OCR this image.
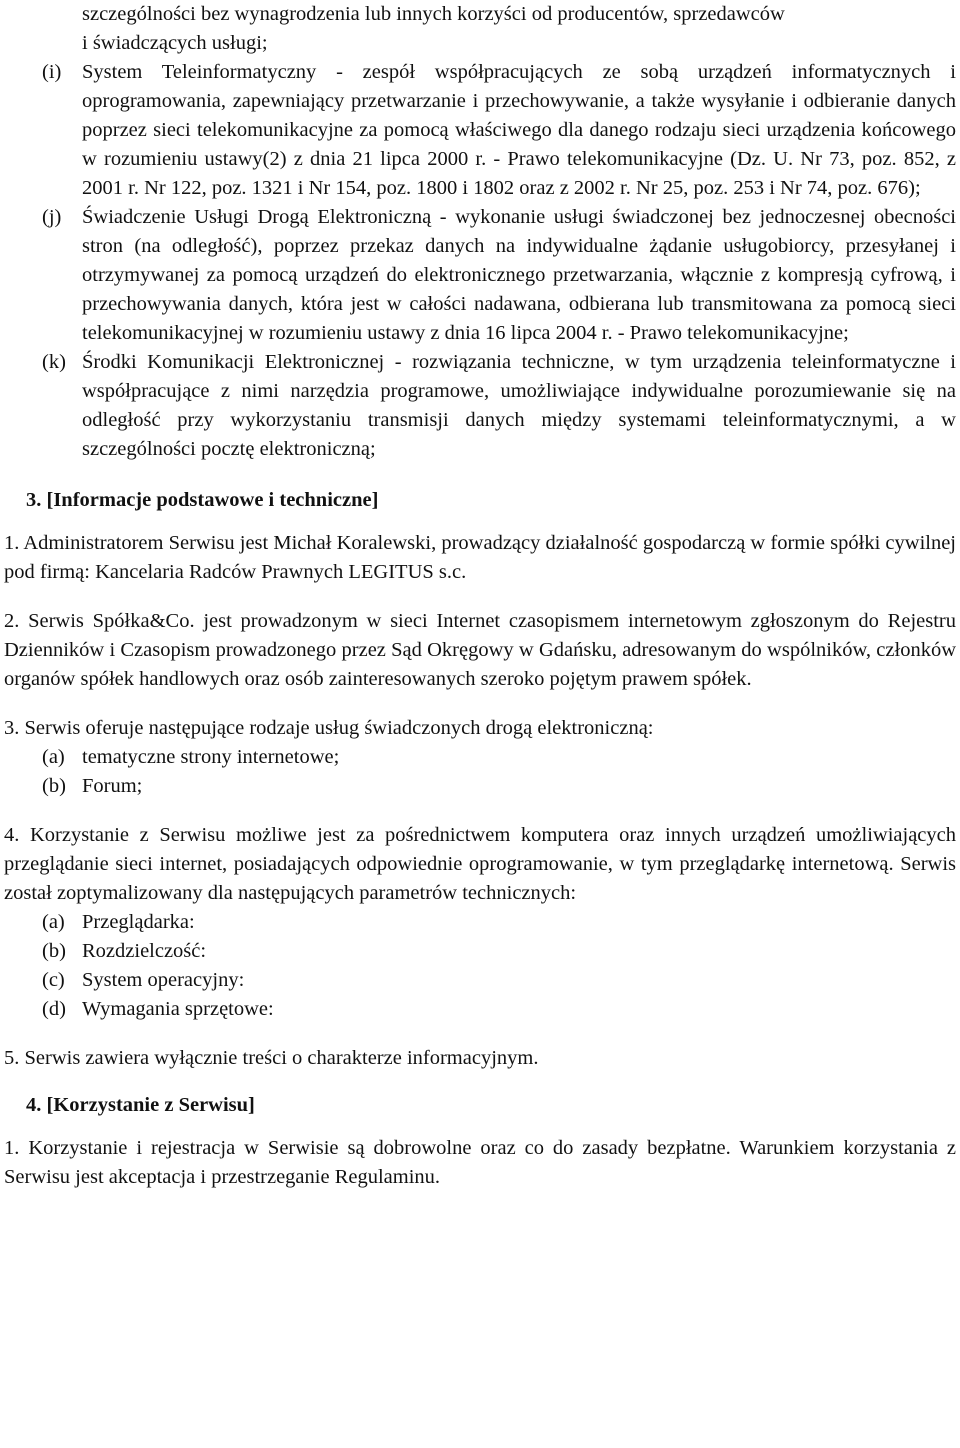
szczególności bez wynagrodzenia lub innych korzyści od producentów, sprzedawców

i świadczących usługi;

(i)	System Teleinformatyczny - zespół współpracujących ze sobą urządzeń informatycznych i oprogramowania, zapewniający przetwarzanie i przechowywanie, a także wysyłanie i odbieranie danych poprzez sieci telekomunikacyjne za pomocą właściwego dla danego rodzaju sieci urządzenia końcowego w rozumieniu ustawy(2) z dnia 21 lipca 2000 r. - Prawo telekomunikacyjne (Dz. U. Nr 73, poz. 852, z 2001 r. Nr 122, poz. 1321 i Nr 154, poz. 1800 i 1802 oraz z 2002 r. Nr 25, poz. 253 i Nr 74, poz. 676);
(j)	Świadczenie Usługi Drogą Elektroniczną - wykonanie usługi świadczonej bez jednoczesnej obecności stron (na odległość), poprzez przekaz danych na indywidualne żądanie usługobiorcy, przesyłanej i otrzymywanej za pomocą urządzeń do elektronicznego przetwarzania, włącznie z kompresją cyfrową, i przechowywania danych, która jest w całości nadawana, odbierana lub transmitowana za pomocą sieci telekomunikacyjnej w rozumieniu ustawy z dnia 16 lipca 2004 r. - Prawo telekomunikacyjne;
(k) Środki Komunikacji Elektronicznej - rozwiązania techniczne, w tym urządzenia teleinformatyczne i współpracujące z nimi narzędzia programowe, umożliwiające indywidualne porozumiewanie się na odległość przy wykorzystaniu transmisji danych między systemami teleinformatycznymi, a w szczególności pocztę elektroniczną;
3. [Informacje podstawowe i techniczne]

1. Administratorem Serwisu jest Michał Koralewski, prowadzący działalność gospodarczą w formie spółki cywilnej pod firmą: Kancelaria Radców Prawnych LEGITUS s.c.

2. Serwis Spółka&Co. jest prowadzonym w sieci Internet czasopismem internetowym zgłoszonym do Rejestru Dzienników i Czasopism prowadzonego przez Sąd Okręgowy w Gdańsku, adresowanym do wspólników, członków organów spółek handlowych oraz osób zainteresowanych szeroko pojętym prawem spółek.

3. Serwis oferuje następujące rodzaje usług świadczonych drogą elektroniczną:

(a) tematyczne strony internetowe;
(b) Forum;

4. Korzystanie z Serwisu możliwe jest za pośrednictwem komputera oraz innych urządzeń umożliwiających przeglądanie sieci internet, posiadających odpowiednie oprogramowanie, w tym przeglądarkę internetową. Serwis został zoptymalizowany dla następujących parametrów technicznych:

(a) Przeglądarka:
(b) Rozdzielczość:
(c) System operacyjny:
(d) Wymagania sprzętowe:

5. Serwis zawiera wyłącznie treści o charakterze informacyjnym.

4. [Korzystanie z Serwisu]

1. Korzystanie i rejestracja w Serwisie są dobrowolne oraz co do zasady bezpłatne. Warunkiem korzystania z Serwisu jest akceptacja i przestrzeganie Regulaminu.
